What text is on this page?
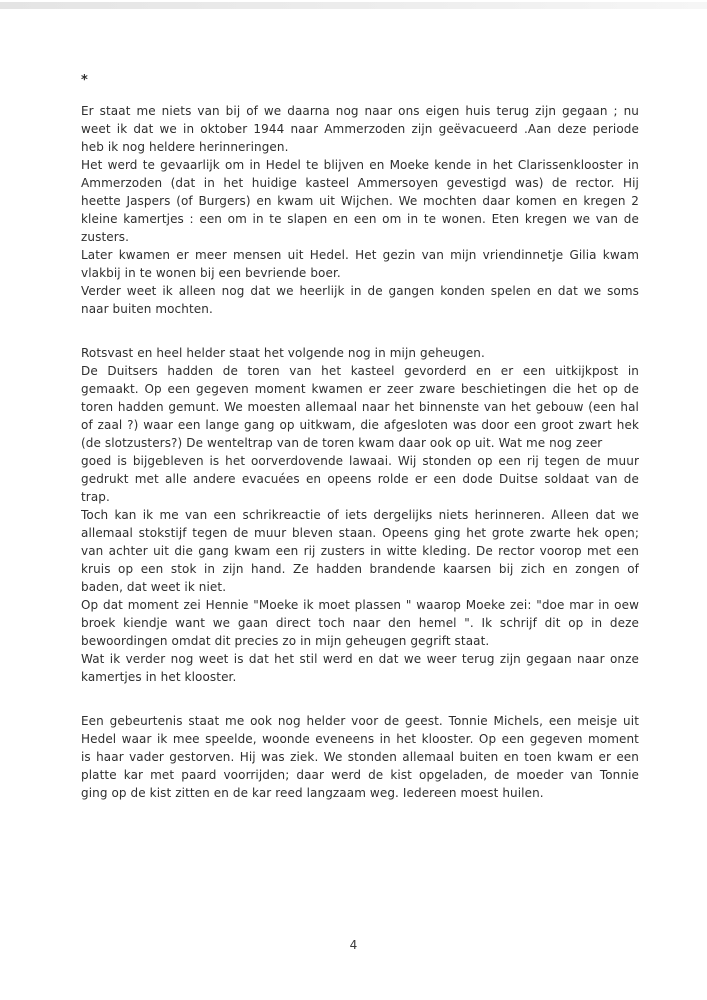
*
Er staat me niets van bij of we daarna nog naar ons eigen huis terug zijn gegaan ; nu
weet ik dat we in oktober 1944 naar Ammerzoden zijn geëvacueerd .Aan deze periode
heb ik nog heldere herinneringen.
Het werd te gevaarlijk om in Hedel te blijven en Moeke kende in het Clarissenklooster in
Ammerzoden (dat in het huidige kasteel Ammersoyen gevestigd was) de rector. Hij
heette Jaspers (of Burgers) en kwam uit Wijchen. We mochten daar komen en kregen 2
kleine kamertjes : een om in te slapen en een om in te wonen. Eten kregen we van de
zusters.
Later kwamen er meer mensen uit Hedel. Het gezin van mijn vriendinnetje Gilia kwam
vlakbij in te wonen bij een bevriende boer.
Verder weet ik alleen nog dat we heerlijk in de gangen konden spelen en dat we soms
naar buiten mochten.
Rotsvast en heel helder staat het volgende nog in mijn geheugen.
De Duitsers hadden de toren van het kasteel gevorderd en er een uitkijkpost in
gemaakt. Op een gegeven moment kwamen er zeer zware beschietingen die het op de
toren hadden gemunt. We moesten allemaal naar het binnenste van het gebouw (een hal
of zaal ?) waar een lange gang op uitkwam, die afgesloten was door een groot zwart hek
(de slotzusters?) De wenteltrap van de toren kwam daar ook op uit. Wat me nog zeer
goed is bijgebleven is het oorverdovende lawaai. Wij stonden op een rij tegen de muur
gedrukt met alle andere evacuées en opeens rolde er een dode Duitse soldaat van de
trap.
Toch kan ik me van een schrikreactie of iets dergelijks niets herinneren. Alleen dat we
allemaal stokstijf tegen de muur bleven staan. Opeens ging het grote zwarte hek open;
van achter uit die gang kwam een rij zusters in witte kleding. De rector voorop met een
kruis op een stok in zijn hand. Ze hadden brandende kaarsen bij zich en zongen of
baden, dat weet ik niet.
Op dat moment zei Hennie "Moeke ik moet plassen " waarop Moeke zei: "doe mar in oew
broek kiendje want we gaan direct toch naar den hemel ". Ik schrijf dit op in deze
bewoordingen omdat dit precies zo in mijn geheugen gegrift staat.
Wat ik verder nog weet is dat het stil werd en dat we weer terug zijn gegaan naar onze
kamertjes in het klooster.
Een gebeurtenis staat me ook nog helder voor de geest. Tonnie Michels, een meisje uit
Hedel waar ik mee speelde, woonde eveneens in het klooster. Op een gegeven moment
is haar vader gestorven. Hij was ziek. We stonden allemaal buiten en toen kwam er een
platte kar met paard voorrijden; daar werd de kist opgeladen, de moeder van Tonnie
ging op de kist zitten en de kar reed langzaam weg. Iedereen moest huilen.
4
